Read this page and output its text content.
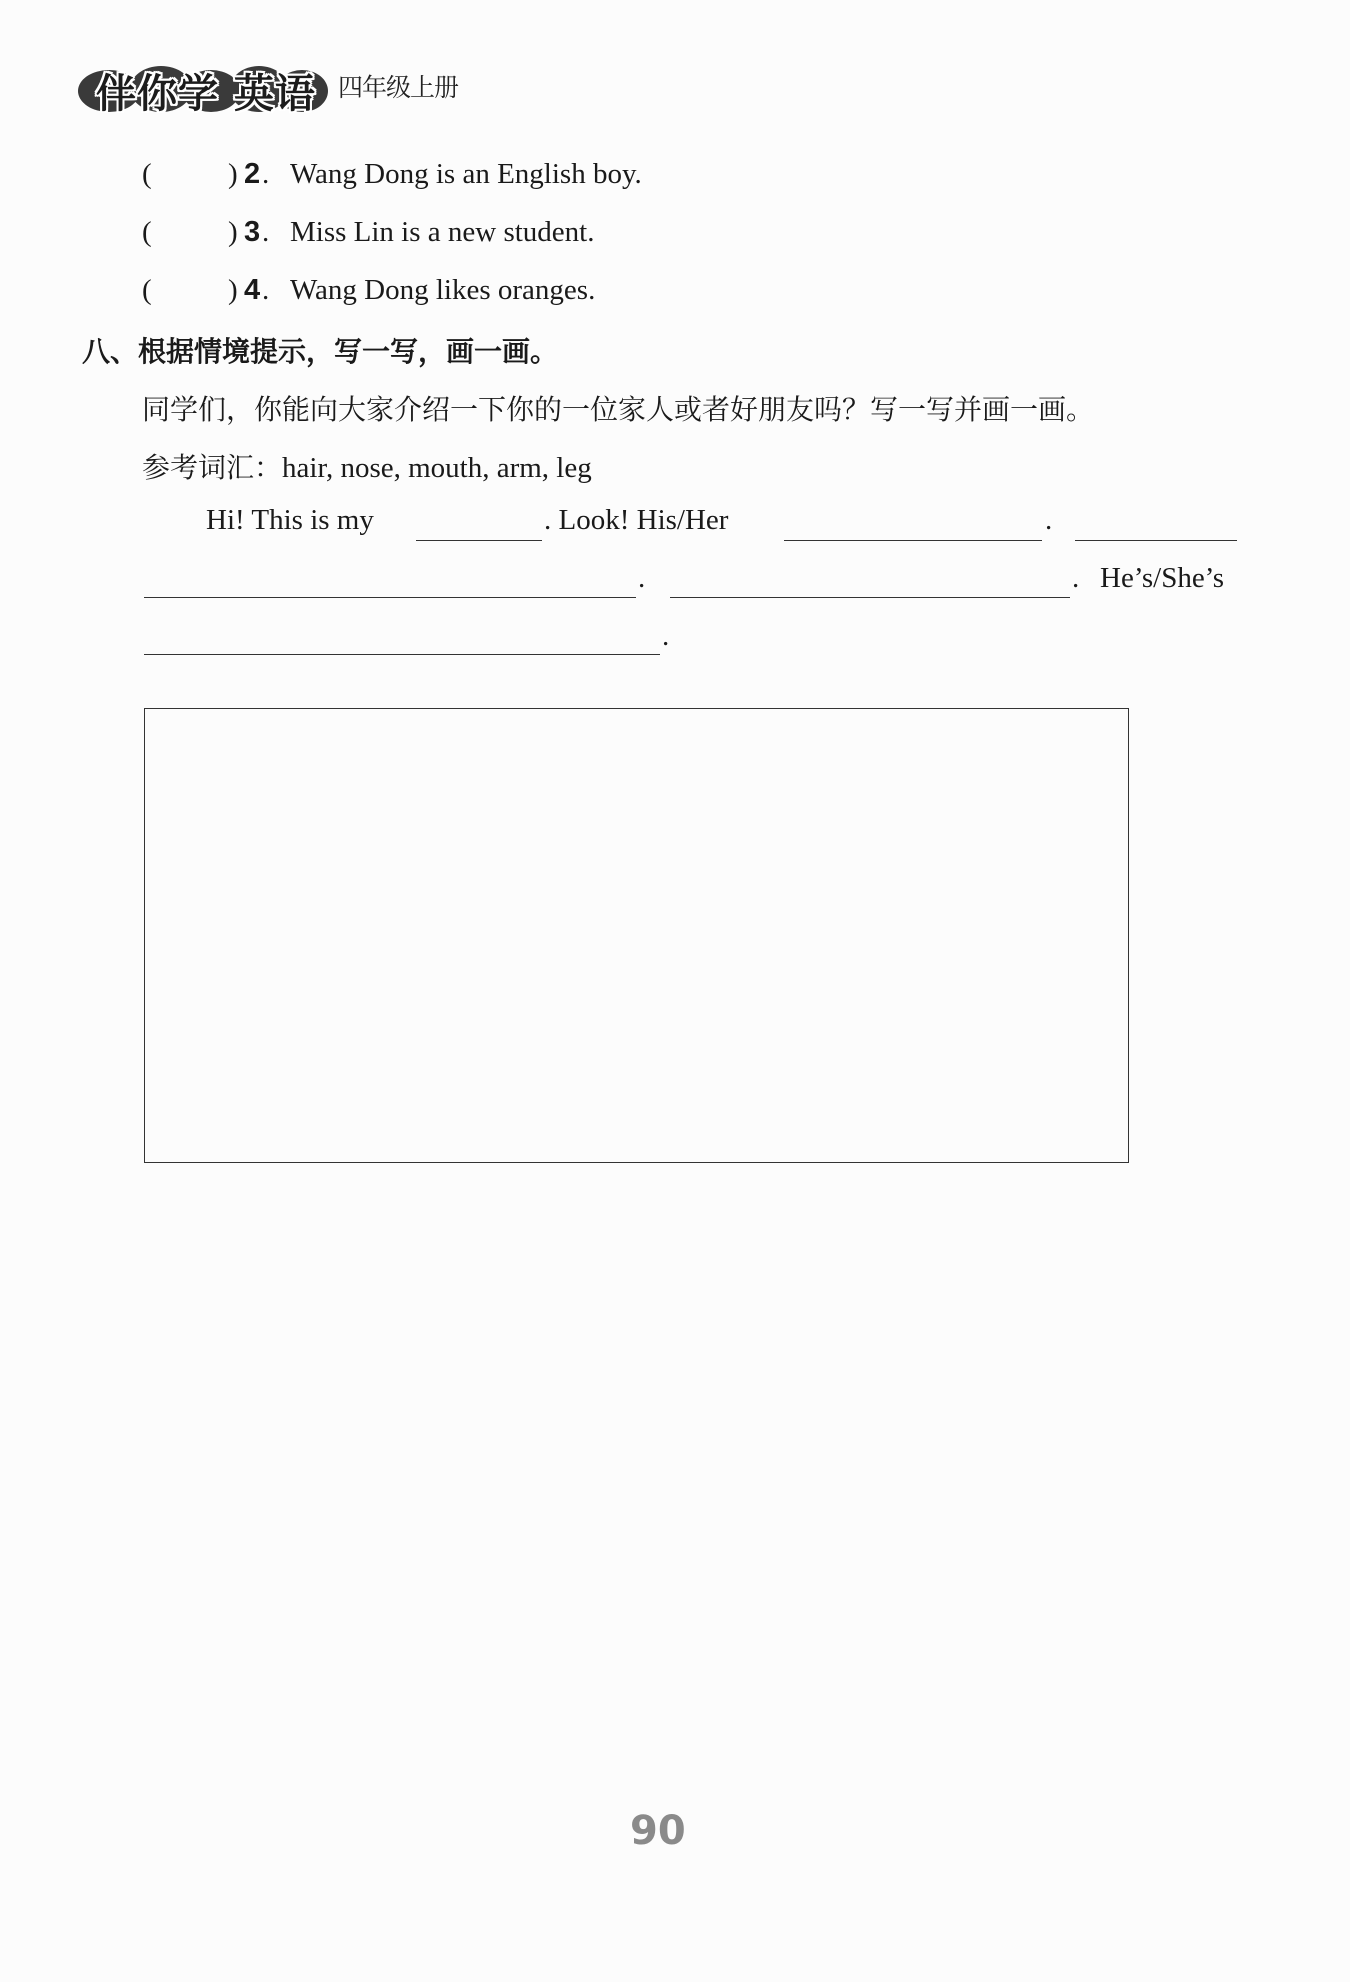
伴你学 英语 四年级上册
(	) 2 . Wang Dong is an English boy.
(	) 3 . Miss Lin is a new student.
(	) 4 . Wang Dong likes oranges.
八、根据情境提示，写一写，画一画。
同学们，你能向大家介绍一下你的一位家人或者好朋友吗？写一写并画一画。
参考词汇：hair, nose, mouth, arm, leg
Hi! This is my	. Look! His/Her	.
.	. He’s/She’s
.
90
